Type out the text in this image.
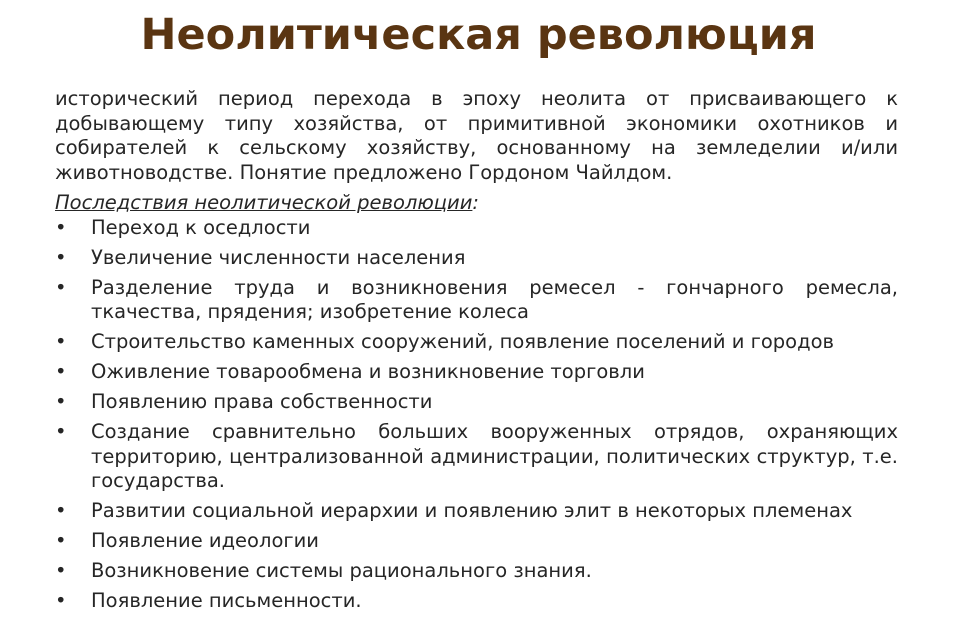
Неолитическая революция

исторический период перехода в эпоху неолита от присваивающего к добывающему типу хозяйства, от примитивной экономики охотников и собирателей к сельскому хозяйству, основанному на земледелии и/или животноводстве. Понятие предложено Гордоном Чайлдом.

Последствия неолитической революции:
•
Переход к оседлости
•
Увеличение численности населения
•
Разделение труда и возникновения ремесел - гончарного ремесла, ткачества, прядения; изобретение колеса
•
Строительство каменных сооружений, появление поселений и городов
•
Оживление товарообмена и возникновение торговли
•
Появлению права собственности
•
Создание сравнительно больших вооруженных отрядов, охраняющих территорию, централизованной администрации, политических структур, т.е. государства.
•
Развитии социальной иерархии и появлению элит в некоторых племенах
•
Появление идеологии
•
Возникновение системы рационального знания.
•
Появление письменности.
